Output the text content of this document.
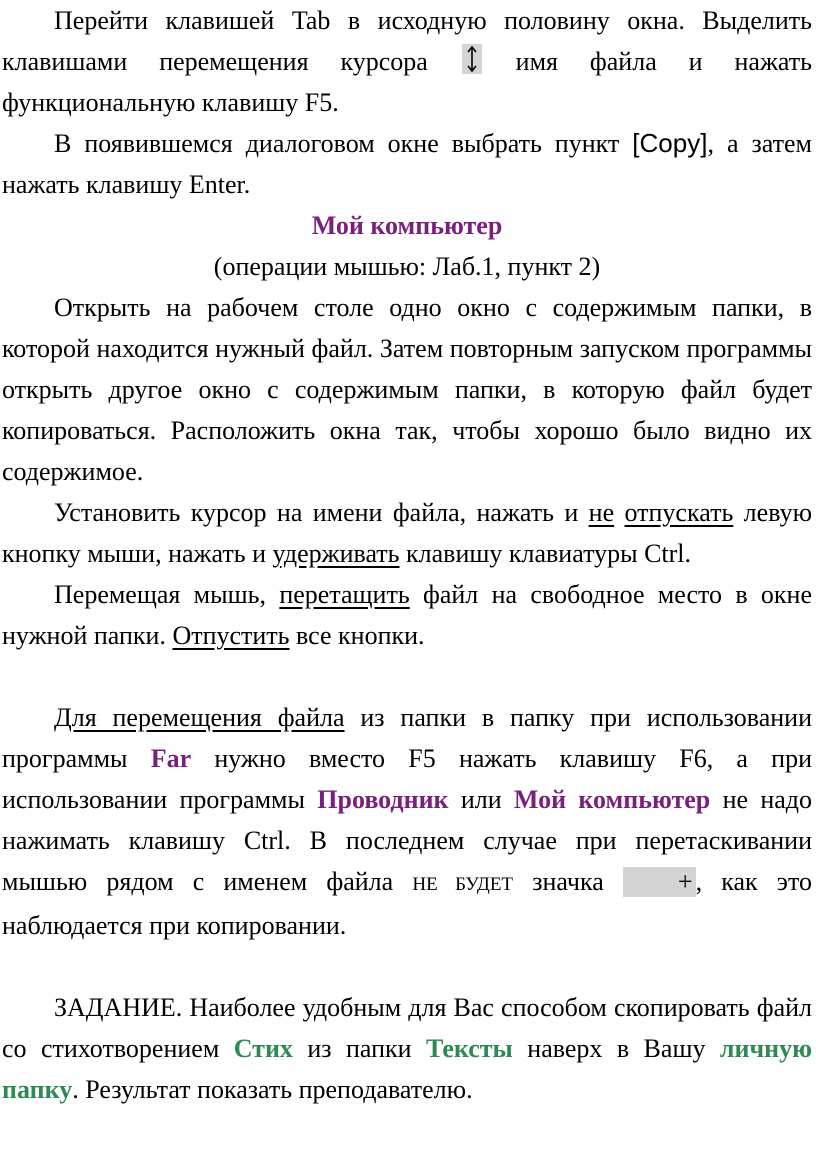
Перейти клавишей Tab в исходную половину окна. Выделить клавишами перемещения курсора
имя файла и нажать функциональную клавишу F5.

В появившемся диалоговом окне выбрать пункт [Copy], а затем нажать клавишу Enter.

Мой компьютер

(операции мышью: Лаб.1, пункт 2)

Открыть на рабочем столе одно окно с содержимым папки, в которой находится нужный файл. Затем повторным запуском программы открыть другое окно с содержимым папки, в которую файл будет копироваться. Расположить окна так, чтобы хорошо было видно их содержимое.

Установить курсор на имени файла, нажать и не отпускать левую кнопку мыши, нажать и удерживать клавишу клавиатуры Ctrl.

Перемещая мышь, перетащить файл на свободное место в окне нужной папки. Отпустить все кнопки.

Для перемещения файла из папки в папку при использовании программы Far нужно вместо F5 нажать клавишу F6, а при использовании программы Проводник или Мой компьютер не надо нажимать клавишу Ctrl. В последнем случае при перетаскивании мышью рядом с именем файла НЕ БУДЕТ значка + , как это наблюдается при копировании.

ЗАДАНИЕ. Наиболее удобным для Вас способом скопировать файл со стихотворением Стих из папки Тексты наверх в Вашу личную папку. Результат показать преподавателю.
